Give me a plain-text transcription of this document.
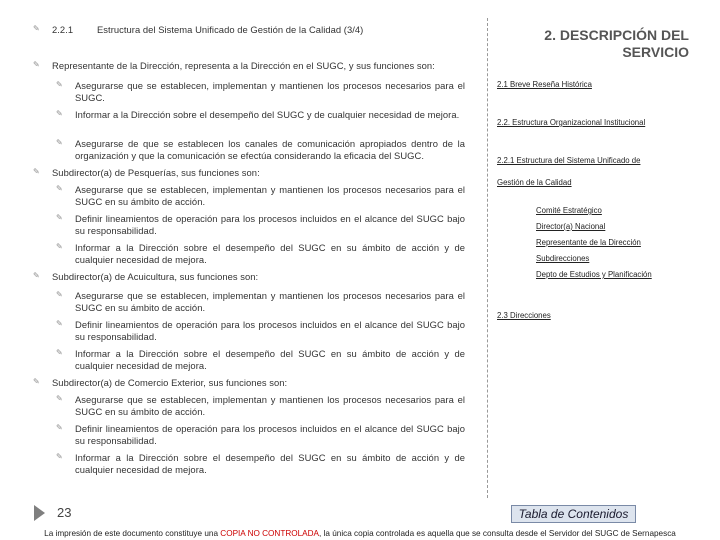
✎ 2.2.1	Estructura del Sistema Unificado de Gestión de la Calidad (3/4)
✎ Representante de la Dirección, representa a la Dirección en el SUGC, y sus funciones son:
✎ Asegurarse que se establecen, implementan y mantienen los procesos necesarios para el SUGC.
✎ Informar a la Dirección sobre el desempeño del SUGC y de cualquier necesidad de mejora.
✎ Asegurarse de que se establecen los canales de comunicación apropiados dentro de la organización y que la comunicación se efectúa considerando la eficacia del SUGC.
✎ Subdirector(a) de Pesquerías, sus funciones son:
✎ Asegurarse que se establecen, implementan y mantienen los procesos necesarios para el SUGC en su ámbito de acción.
✎ Definir lineamientos de operación para los procesos incluidos en el alcance del SUGC bajo su responsabilidad.
✎ Informar a la Dirección sobre el desempeño del SUGC en su ámbito de acción y de cualquier necesidad de mejora.
✎ Subdirector(a) de Acuicultura, sus funciones son:
✎ Asegurarse que se establecen, implementan y mantienen los procesos necesarios para el SUGC en su ámbito de acción.
✎ Definir lineamientos de operación para los procesos incluidos en el alcance del SUGC bajo su responsabilidad.
✎ Informar a la Dirección sobre el desempeño del SUGC en su ámbito de acción y de cualquier necesidad de mejora.
✎ Subdirector(a) de Comercio Exterior, sus funciones son:
✎ Asegurarse que se establecen, implementan y mantienen los procesos necesarios para el SUGC en su ámbito de acción.
✎ Definir lineamientos de operación para los procesos incluidos en el alcance del SUGC bajo su responsabilidad.
✎ Informar a la Dirección sobre el desempeño del SUGC en su ámbito de acción y de cualquier necesidad de mejora.
2. DESCRIPCIÓN DEL
SERVICIO
2.1 Breve Reseña Histórica
2.2. Estructura Organizacional Institucional
2.2.1 Estructura del Sistema Unificado de
Gestión de la Calidad
Comité Estratégico
Director(a) Nacional
Representante de la Dirección
Subdirecciones
Depto de Estudios y Planificación
2.3 Direcciones
23	Tabla de Contenidos
La impresión de este documento constituye una COPIA NO CONTROLADA, la única copia controlada es aquella que se consulta desde el Servidor del SUGC de Sernapesca
